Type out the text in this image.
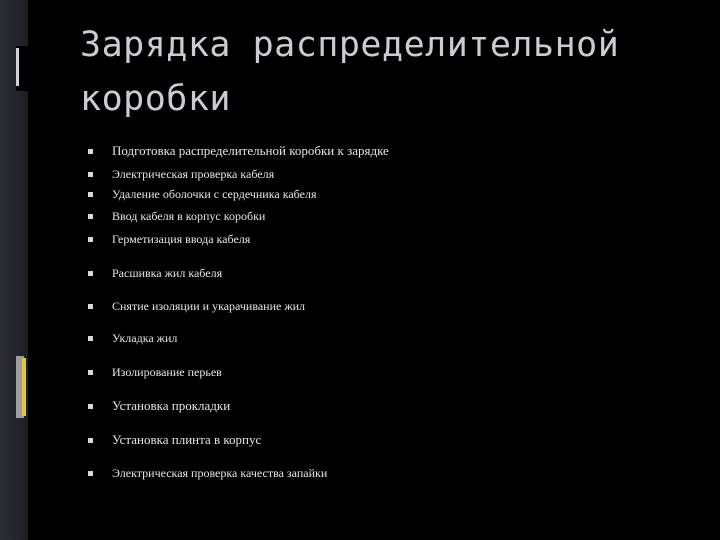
Зарядка распределительной коробки
Подготовка распределительной коробки к зарядке
Электрическая проверка кабеля
Удаление оболочки с сердечника кабеля
Ввод кабеля в корпус коробки
Герметизация ввода кабеля
Расшивка жил кабеля
Снятие изоляции и укарачивание жил
Укладка жил
Изолирование перьев
Установка прокладки
Установка плинта в корпус
Электрическая проверка качества запайки
